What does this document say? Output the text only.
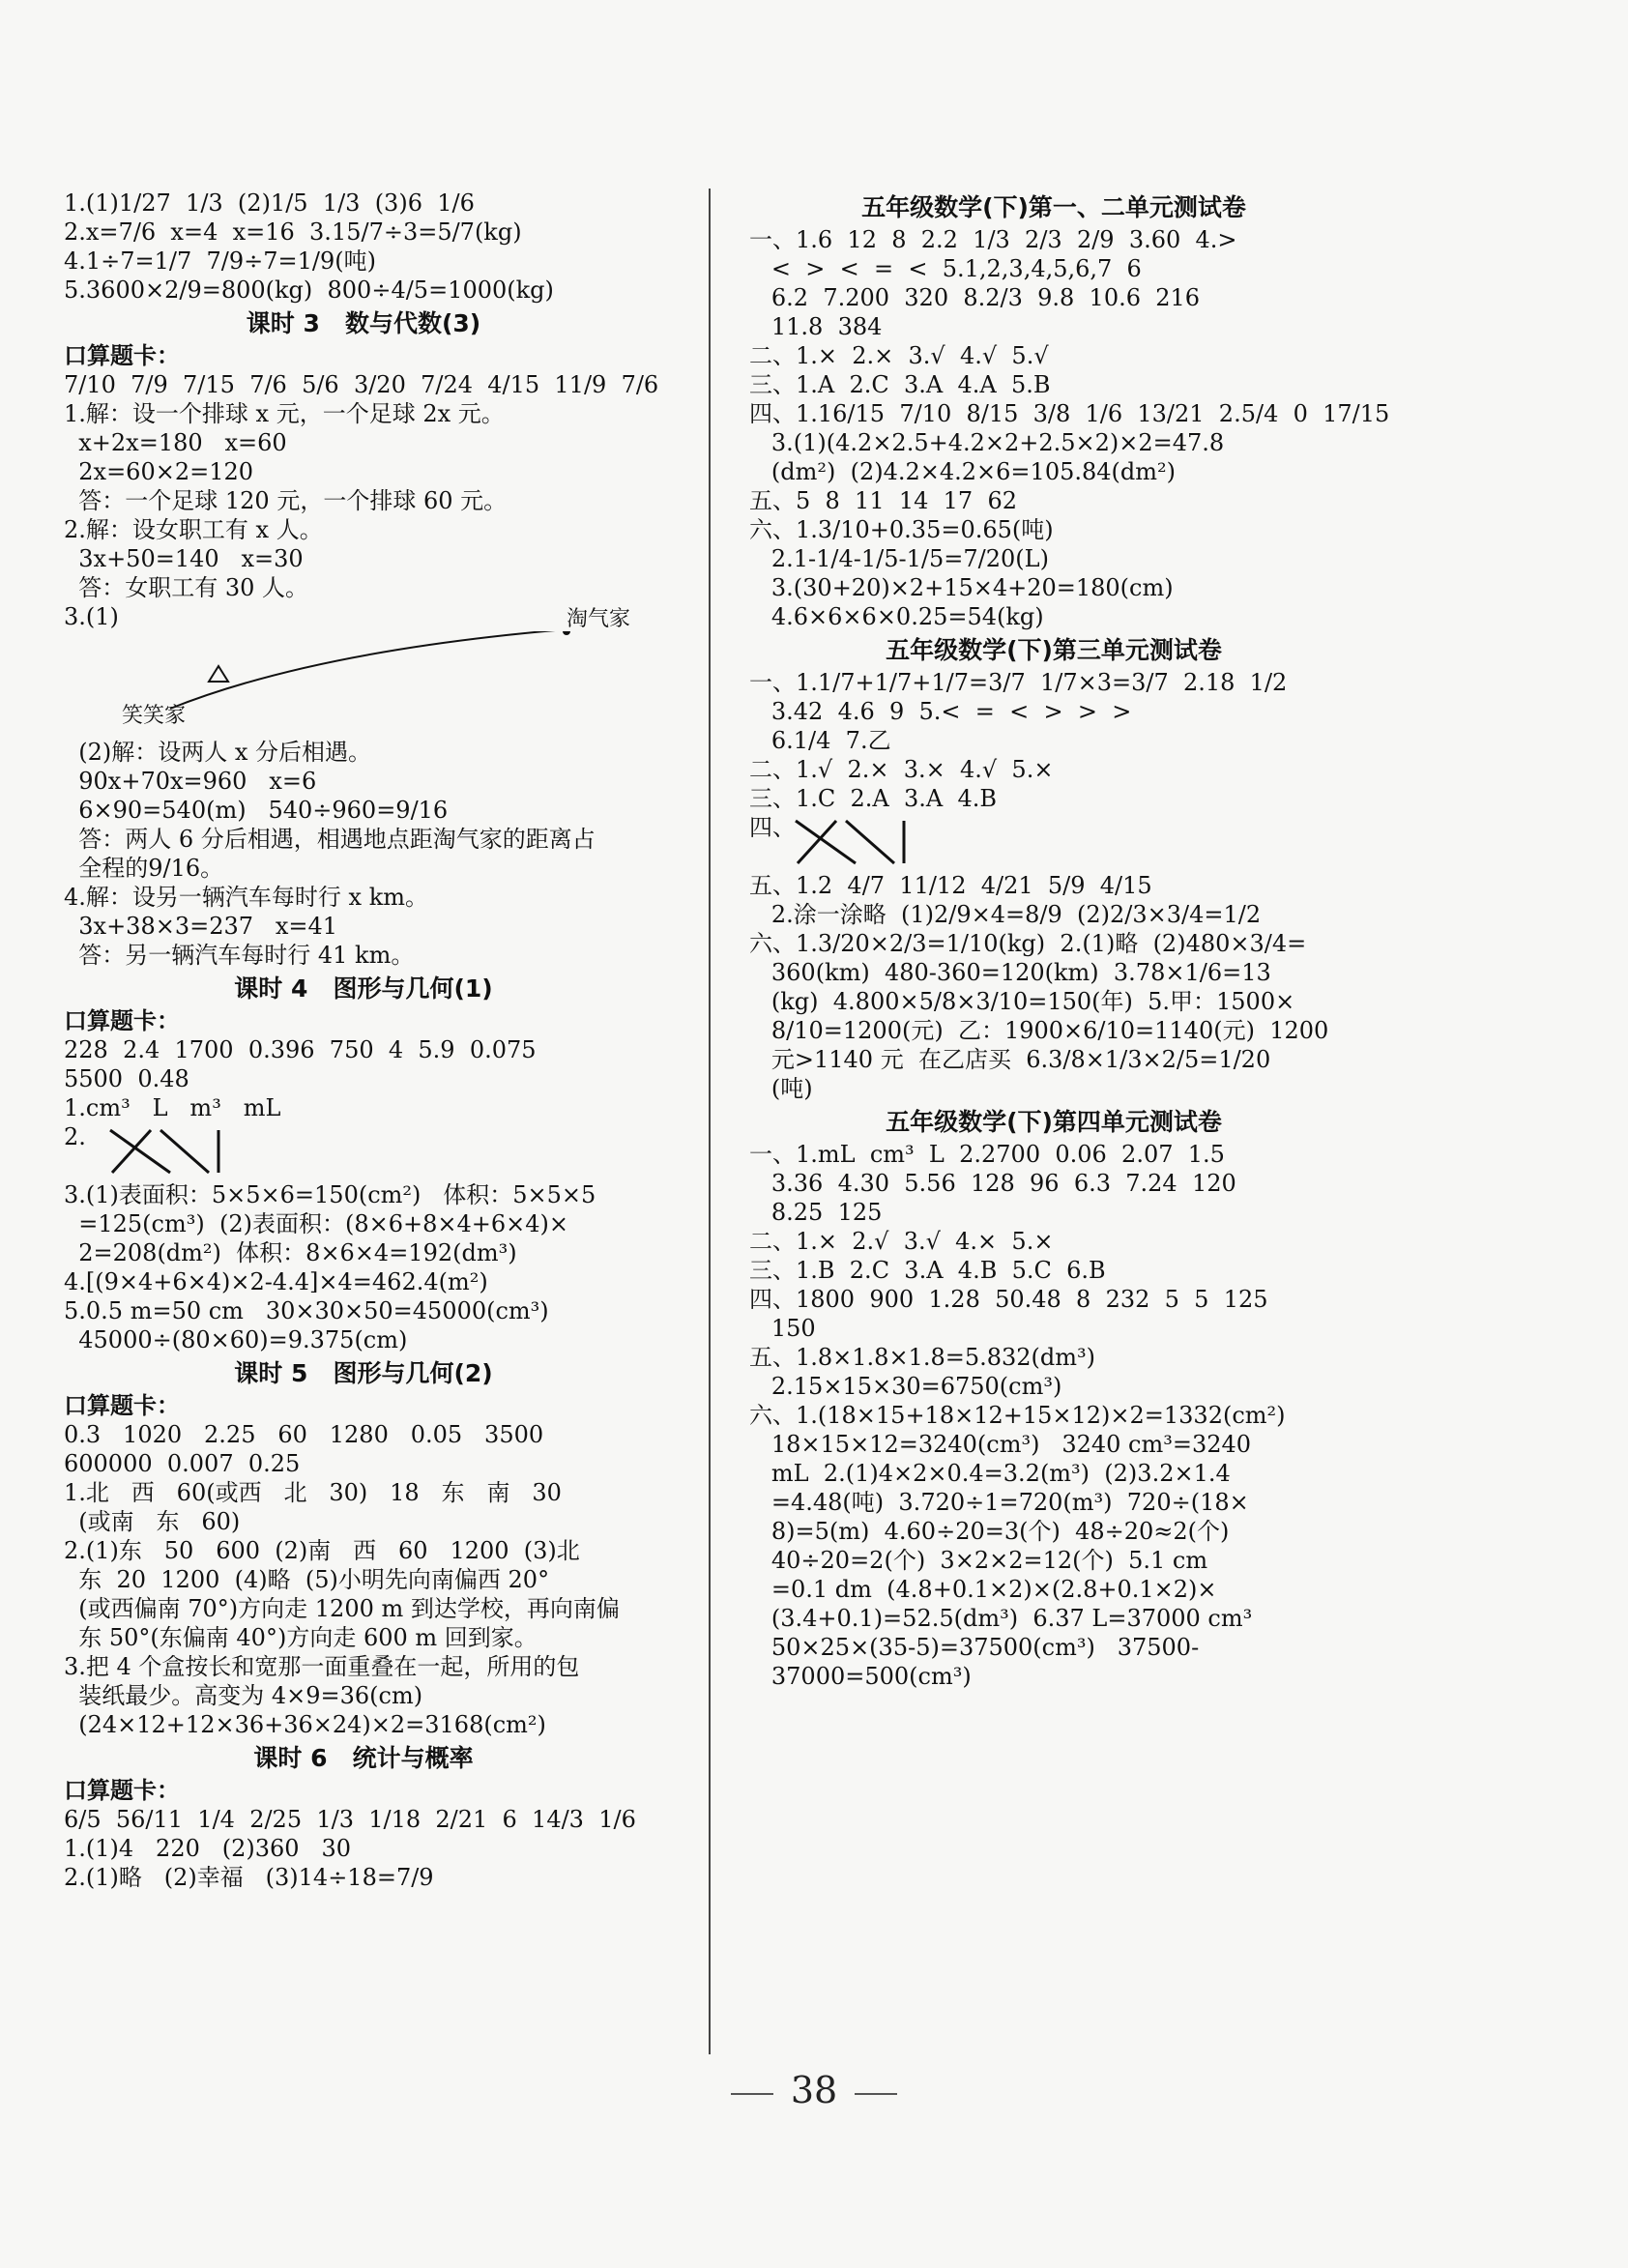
1.(1)1/27  1/3  (2)1/5  1/3  (3)6  1/6
2.x=7/6  x=4  x=16  3.15/7÷3=5/7(kg)
4.1÷7=1/7  7/9÷7=1/9(吨)
5.3600×2/9=800(kg)  800÷4/5=1000(kg)
课时 3   数与代数(3)
口算题卡：
7/10  7/9  7/15  7/6  5/6  3/20  7/24  4/15  11/9  7/6
1.解：设一个排球 x 元，一个足球 2x 元。
x+2x=180   x=60
2x=60×2=120
答：一个足球 120 元，一个排球 60 元。
2.解：设女职工有 x 人。
3x+50=140   x=30
答：女职工有 30 人。
3.(1)
笑笑家
淘气家
(2)解：设两人 x 分后相遇。
90x+70x=960   x=6
6×90=540(m)   540÷960=9/16
答：两人 6 分后相遇，相遇地点距淘气家的距离占
全程的9/16。
4.解：设另一辆汽车每时行 x km。
3x+38×3=237   x=41
答：另一辆汽车每时行 41 km。
课时 4   图形与几何(1)
口算题卡：
228  2.4  1700  0.396  750  4  5.9  0.075
5500  0.48
1.cm³   L   m³   mL
2.
3.(1)表面积：5×5×6=150(cm²)   体积：5×5×5
=125(cm³)  (2)表面积：(8×6+8×4+6×4)×
2=208(dm²)  体积：8×6×4=192(dm³)
4.[(9×4+6×4)×2-4.4]×4=462.4(m²)
5.0.5 m=50 cm   30×30×50=45000(cm³)
45000÷(80×60)=9.375(cm)
课时 5   图形与几何(2)
口算题卡：
0.3   1020   2.25   60   1280   0.05   3500
600000  0.007  0.25
1.北   西   60(或西   北   30)   18   东   南   30
(或南   东   60)
2.(1)东   50   600  (2)南   西   60   1200  (3)北
东  20  1200  (4)略  (5)小明先向南偏西 20°
(或西偏南 70°)方向走 1200 m 到达学校，再向南偏
东 50°(东偏南 40°)方向走 600 m 回到家。
3.把 4 个盒按长和宽那一面重叠在一起，所用的包
装纸最少。高变为 4×9=36(cm)
(24×12+12×36+36×24)×2=3168(cm²)
课时 6   统计与概率
口算题卡：
6/5  56/11  1/4  2/25  1/3  1/18  2/21  6  14/3  1/6
1.(1)4   220   (2)360   30
2.(1)略   (2)幸福   (3)14÷18=7/9
五年级数学(下)第一、二单元测试卷
一、1.6  12  8  2.2  1/3  2/3  2/9  3.60  4.>
<  >  <  =  <  5.1,2,3,4,5,6,7  6
6.2  7.200  320  8.2/3  9.8  10.6  216
11.8  384
二、1.×  2.×  3.√  4.√  5.√
三、1.A  2.C  3.A  4.A  5.B
四、1.16/15  7/10  8/15  3/8  1/6  13/21  2.5/4  0  17/15
3.(1)(4.2×2.5+4.2×2+2.5×2)×2=47.8
(dm²)  (2)4.2×4.2×6=105.84(dm²)
五、5  8  11  14  17  62
六、1.3/10+0.35=0.65(吨)
2.1-1/4-1/5-1/5=7/20(L)
3.(30+20)×2+15×4+20=180(cm)
4.6×6×6×0.25=54(kg)
五年级数学(下)第三单元测试卷
一、1.1/7+1/7+1/7=3/7  1/7×3=3/7  2.18  1/2
3.42  4.6  9  5.<  =  <  >  >  >
6.1/4  7.乙
二、1.√  2.×  3.×  4.√  5.×
三、1.C  2.A  3.A  4.B
四、
五、1.2  4/7  11/12  4/21  5/9  4/15
2.涂一涂略  (1)2/9×4=8/9  (2)2/3×3/4=1/2
六、1.3/20×2/3=1/10(kg)  2.(1)略  (2)480×3/4=
360(km)  480-360=120(km)  3.78×1/6=13
(kg)  4.800×5/8×3/10=150(年)  5.甲：1500×
8/10=1200(元)  乙：1900×6/10=1140(元)  1200
元>1140 元  在乙店买  6.3/8×1/3×2/5=1/20
(吨)
五年级数学(下)第四单元测试卷
一、1.mL  cm³  L  2.2700  0.06  2.07  1.5
3.36  4.30  5.56  128  96  6.3  7.24  120
8.25  125
二、1.×  2.√  3.√  4.×  5.×
三、1.B  2.C  3.A  4.B  5.C  6.B
四、1800  900  1.28  50.48  8  232  5  5  125
150
五、1.8×1.8×1.8=5.832(dm³)
2.15×15×30=6750(cm³)
六、1.(18×15+18×12+15×12)×2=1332(cm²)
18×15×12=3240(cm³)   3240 cm³=3240
mL  2.(1)4×2×0.4=3.2(m³)  (2)3.2×1.4
=4.48(吨)  3.720÷1=720(m³)  720÷(18×
8)=5(m)  4.60÷20=3(个)  48÷20≈2(个)
40÷20=2(个)  3×2×2=12(个)  5.1 cm
=0.1 dm  (4.8+0.1×2)×(2.8+0.1×2)×
(3.4+0.1)=52.5(dm³)  6.37 L=37000 cm³
50×25×(35-5)=37500(cm³)   37500-
37000=500(cm³)
38
